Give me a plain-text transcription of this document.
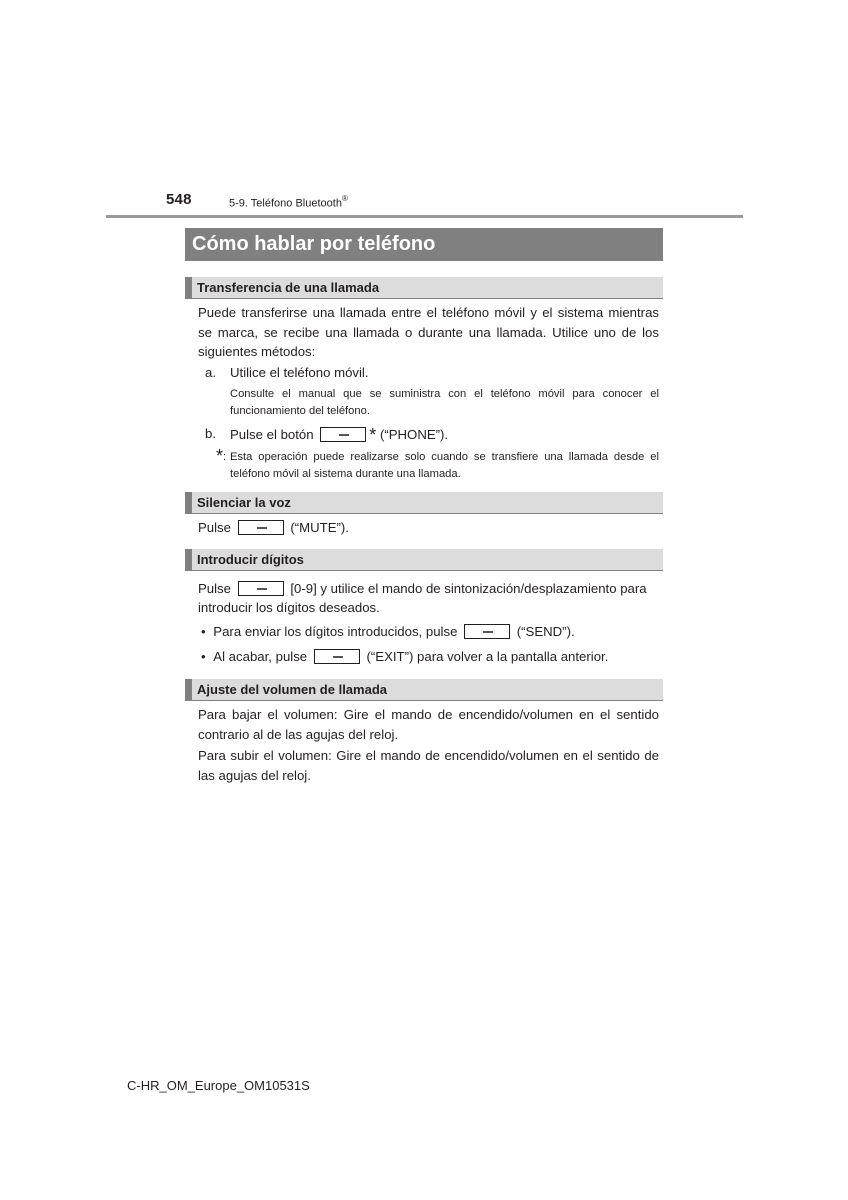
548	5-9. Teléfono Bluetooth®
Cómo hablar por teléfono
Transferencia de una llamada

Puede transferirse una llamada entre el teléfono móvil y el sistema mientras se marca, se recibe una llamada o durante una llamada. Utilice uno de los siguientes métodos:

a. Utilice el teléfono móvil.

Consulte el manual que se suministra con el teléfono móvil para conocer el funcionamiento del teléfono.

b. Pulse el botón	* (“PHONE”).
*: Esta operación puede realizarse solo cuando se transfiere una llamada desde el teléfono móvil al sistema durante una llamada.

Silenciar la voz
Pulse	(“MUTE”).
Introducir dígitos
Pulse	[0-9] y utilice el mando de sintonización/desplazamiento para
introducir los dígitos deseados.
• Para enviar los dígitos introducidos, pulse	(“SEND”).
• Al acabar, pulse	(“EXIT”) para volver a la pantalla anterior.
Ajuste del volumen de llamada

Para bajar el volumen: Gire el mando de encendido/volumen en el sentido contrario al de las agujas del reloj.

Para subir el volumen: Gire el mando de encendido/volumen en el sentido de las agujas del reloj.

C-HR_OM_Europe_OM10531S
